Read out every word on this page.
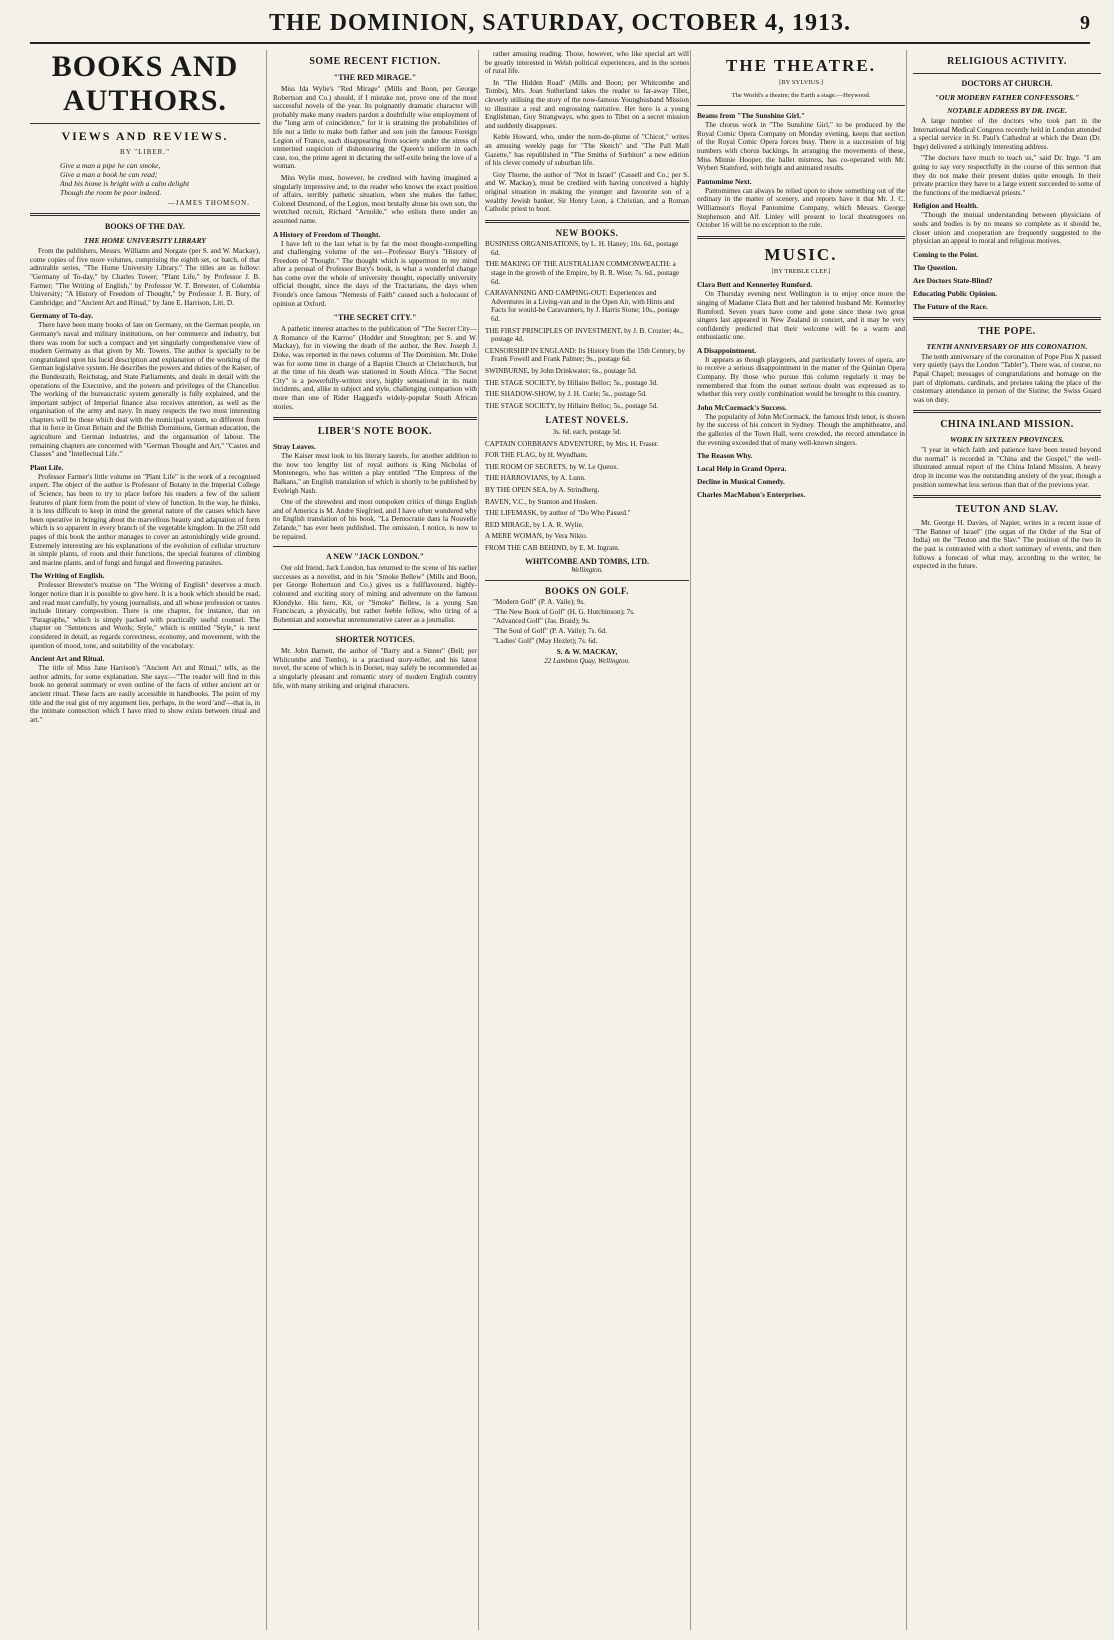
THE DOMINION, SATURDAY, OCTOBER 4, 1913.	9
BOOKS AND AUTHORS.
VIEWS AND REVIEWS.
BY "LIBER."
Give a man a pipe he can smoke,
Give a man a book he can read;
And his home is bright with a calm delight
Though the room be poor indeed.
—JAMES THOMSON.
BOOKS OF THE DAY.
THE HOME UNIVERSITY LIBRARY

From the publishers, Messrs. Williams and Norgate (per S. and W. Mackay), come copies of five more volumes, comprising the eighth set, or batch, of that admirable series, "The Home University Library." The titles are as follow: "Germany of To-day," by Charles Tower; "Plant Life," by Professor J. B. Farmer; "The Writing of English," by Professor W. T. Brewster, of Columbia University; "A History of Freedom of Thought," by Professor J. B. Bury, of Cambridge; and "Ancient Art and Ritual," by Jane E. Harrison, Litt. D.

Germany of To-day.

There have been many books of late on Germany, on the German people, on Germany's naval and military institutions, on her commerce and industry, but there was room for such a compact and yet singularly comprehensive view of modern Germany as that given by Mr. Towers. The author is specially to be congratulated upon his lucid description and explanation of the working of the German legislative system. He describes the powers and duties of the Kaiser, of the Bundesrath, Reichstag, and State Parliaments, and deals in detail with the operations of the Executive, and the powers and privileges of the Chancellor. The working of the bureaucratic system generally is fully explained, and the important subject of Imperial finance also receives attention, as well as the organisation of the army and navy. In many respects the two most interesting chapters will be those which deal with the municipal system, so different from that in force in Great Britain and the British Dominions, German education, the agriculture and German industries, and the organisation of labour. The remaining chapters are concerned with "German Thought and Art," "Castes and Classes" and "Intellectual Life."

Plant Life.

Professor Farmer's little volume on "Plant Life" is the work of a recognised expert. The object of the author is Professor of Botany in the Imperial College of Science, has been to try to place before his readers a few of the salient features of plant form from the point of view of function. In the way, he thinks, it is less difficult to keep in mind the general nature of the causes which have been operative in bringing about the marvellous beauty and adaptation of form which is so apparent in every branch of the vegetable kingdom. In the 250 odd pages of this book the author manages to cover an astonishingly wide ground. Extremely interesting are his explanations of the evolution of cellular structure in simple plants, of roots and their functions, the special features of climbing and marine plants, and of fungi and fungal and flowering parasites.

The Writing of English.

Professor Brewster's treatise on "The Writing of English" deserves a much longer notice than it is possible to give here. It is a book which should be read, and read most carefully, by young journalists, and all whose profession or tastes include literary composition. There is one chapter, for instance, that on "Paragraphs," which is simply packed with practically useful counsel. The chapter on "Sentences and Words; Style," which is entitled "Style," is next considered in detail, as regards correctness, economy, and movement, with the question of mood, tone, and suitability of the vocabulary.

Ancient Art and Ritual.

The title of Miss Jane Harrison's "Ancient Art and Ritual," tells, as the author admits, for some explanation. She says:—"The reader will find in this book no general summary or even outline of the facts of either ancient art or ancient ritual. These facts are easily accessible in handbooks. The point of my title and the real gist of my argument lies, perhaps, in the word 'and'—that is, in the intimate connection which I have tried to show exists between ritual and art."

SOME RECENT FICTION.
"THE RED MIRAGE."

Miss Ida Wylie's "Red Mirage" (Mills and Boon, per George Robertson and Co.) should, if I mistake not, prove one of the most successful novels of the year. Its poignantly dramatic character will probably make many readers pardon a doubtfully wise employment of the "long arm of coincidence," for it is straining the probabilities of life not a little to make both father and son join the famous Foreign Legion of France, each disappearing from society under the stress of unmerited suspicion of dishonouring the Queen's uniform in each case, too, the prime agent in dictating the self-exile being the love of a woman.

Miss Wylie must, however, be credited with having imagined a singularly impressive and, to the reader who knows the exact position of affairs, terribly pathetic situation, when she makes the father, Colonel Desmond, of the Legion, most brutally abuse his own son, the wretched recruit, Richard "Arnolde," who enlists there under an assumed name.

A History of Freedom of Thought.

I have left to the last what is by far the most thought-compelling and challenging volume of the set—Professor Bury's "History of Freedom of Thought." The thought which is uppermost in my mind after a perusal of Professor Bury's book, is what a wonderful change has come over the whole of university thought, especially university official thought, since the days of the Tractarians, the days when Froude's once famous "Nemesis of Faith" caused such a holocaust of opinion at Oxford.

"THE SECRET CITY."

A pathetic interest attaches to the publication of "The Secret City—A Romance of the Karroo" (Hodder and Stoughton; per S. and W. Mackay), for in viewing the death of the author, the Rev. Joseph J. Doke, was reported in the news columns of The Dominion. Mr. Doke was for some time in charge of a Baptist Church at Christchurch, but at the time of his death was stationed in South Africa. "The Secret City" is a powerfully-written story, highly sensational in its main incidents, and, alike in subject and style, challenging comparison with more than one of Rider Haggard's widely-popular South African stories.

LIBER'S NOTE BOOK.
Stray Leaves.

The Kaiser must look to his literary laurels, for another addition to the now too lengthy list of royal authors is King Nicholas of Montenegro, who has written a play entitled "The Empress of the Balkans," an English translation of which is shortly to be published by Eveleigh Nash.

One of the shrewdest and most outspoken critics of things English and of America is M. Andre Siegfried, and I have often wondered why no English translation of his book, "La Democratie dans la Nouvelle Zelande," has ever been published. The omission, I notice, is now to be repaired.

A NEW "JACK LONDON."

Our old friend, Jack London, has returned to the scene of his earlier successes as a novelist, and in his "Smoke Bellew" (Mills and Boon, per George Robertson and Co.) gives us a fullflavoured, highly-coloured and exciting story of mining and adventure on the famous Klondyke. His hero, Kit, or "Smoke" Bellew, is a young San Franciscan, a physically, but rather feeble fellow, who tiring of a Bohemian and somewhat unremunerative career as a journalist.

SHORTER NOTICES.

Mr. John Barnett, the author of "Barry and a Sinner" (Bell; per Whitcombe and Tombs), is a practised story-teller, and his latest novel, the scene of which is in Dorset, may safely be recommended as a singularly pleasant and romantic story of modern English country life, with many striking and original characters.

rather amusing reading. Those, however, who like special art will be greatly interested in Welsh political experiences, and in the scenes of rural life.

In "The Hidden Road" (Mills and Boon; per Whitcombe and Tombs), Mrs. Joan Sutherland takes the reader to far-away Tibet, cleverly utilising the story of the now-famous Younghusband Mission to illustrate a real and engrossing narrative. Her hero is a young Englishman, Guy Strangways, who goes to Tibet on a secret mission and suddenly disappears.

Keble Howard, who, under the nom-de-plume of "Chicot," writes an amusing weekly page for "The Sketch" and "The Pall Mall Gazette," has republished in "The Smiths of Surbiton" a new edition of his clever comedy of suburban life.

Guy Thorne, the author of "Not in Israel" (Cassell and Co.; per S. and W. Mackay), must be credited with having conceived a highly original situation in making the younger and favourite son of a wealthy Jewish banker, Sir Henry Leon, a Christian, and a Roman Catholic priest to boot.

NEW BOOKS.
BUSINESS ORGANISATIONS, by L. H. Haney; 10s. 6d., postage 6d.
THE MAKING OF THE AUSTRALIAN COMMONWEALTH: a stage in the growth of the Empire, by B. R. Wise; 7s. 6d., postage 6d.
CARAVANNING AND CAMPING-OUT: Experiences and Adventures in a Living-van and in the Open Air, with Hints and Facts for would-be Caravanners, by J. Harris Stone; 10s., postage 6d.
THE FIRST PRINCIPLES OF INVESTMENT, by J. B. Crozier; 4s., postage 4d.
CENSORSHIP IN ENGLAND: Its History from the 15th Century, by Frank Fowell and Frank Palmer; 9s., postage 6d.
SWINBURNE, by John Drinkwater; 6s., postage 5d.
THE STAGE SOCIETY, by Hillaire Belloc; 5s., postage 3d.
THE SHADOW-SHOW, by J. H. Curle; 5s., postage 5d.
THE STAGE SOCIETY, by Hillaire Belloc; 5s., postage 5d.
LATEST NOVELS.
3s. 6d. each, postage 5d.
CAPTAIN CORBRAN'S ADVENTURE, by Mrs. H. Fraser.
FOR THE FLAG, by H. Wyndham.
THE ROOM OF SECRETS, by W. Le Queux.
THE HARROVIANS, by A. Lunn.
BY THE OPEN SEA, by A. Strindberg.
RAVEN, V.C., by Stanton and Hosken.
THE LIFEMASK, by author of "Do Who Passed."
RED MIRAGE, by I. A. R. Wylie.
A MERE WOMAN, by Vera Nikto.
FROM THE CAB BEHIND, by E. M. Ingram.
WHITCOMBE AND TOMBS, LTD.
Wellington.
BOOKS ON GOLF.
"Modern Golf" (P. A. Vaile); 9s.
"The New Book of Golf" (H. G. Hutchinson); 7s.
"Advanced Golf" (Jas. Braid); 9s.
"The Soul of Golf" (P. A. Vaile); 7s. 6d.
"Ladies' Golf" (May Hezlet); 7s. 6d.
S. & W. MACKAY,
22 Lambton Quay, Wellington.
THE THEATRE.
[BY SYLVIUS.]
The World's a theatre; the Earth a stage.—Heywood.
Beams from "The Sunshine Girl."

The chorus work in "The Sunshine Girl," to be produced by the Royal Comic Opera Company on Monday evening, keeps that section of the Royal Comic Opera forces busy. There is a succession of big numbers with chorus backings. In arranging the movements of these, Miss Minnie Hooper, the ballet mistress, has co-operated with Mr. Wybert Stamford, with bright and animated results.

Pantomime Next.

Pantomimes can always be relied upon to show something out of the ordinary in the matter of scenery, and reports have it that Mr. J. C. Williamson's Royal Pantomime Company, which Messrs. George Stephenson and Alf. Linley will present to local theatregoers on October 16 will be no exception to the rule.

MUSIC.
[BY TREBLE CLEF.]
Clara Butt and Kennerley Rumford.

On Thursday evening next Wellington is to enjoy once more the singing of Madame Clara Butt and her talented husband Mr. Kennerley Rumford. Seven years have come and gone since these two great singers last appeared in New Zealand in concert, and it may be very confidently predicted that their welcome will be a warm and enthusiastic one.

A Disappointment.

It appears as though playgoers, and particularly lovers of opera, are to receive a serious disappointment in the matter of the Quinlan Opera Company. By those who pursue this column regularly it may be remembered that from the outset serious doubt was expressed as to whether this very costly combination would be brought to this country.

John McCormack's Success.

The popularity of John McCormack, the famous Irish tenor, is shown by the success of his concert in Sydney. Though the amphitheatre, and the galleries of the Town Hall, were crowded, the record attendance in the evening exceeded that of many well-known singers.

The Reason Why.
Local Help in Grand Opera.
Decline in Musical Comedy.
Charles MacMahon's Enterprises.
RELIGIOUS ACTIVITY.
DOCTORS AT CHURCH.
"OUR MODERN FATHER CONFESSORS."
NOTABLE ADDRESS BY DR. INGE.

A large number of the doctors who took part in the International Medical Congress recently held in London attended a special service in St. Paul's Cathedral at which the Dean (Dr. Inge) delivered a strikingly interesting address.

"The doctors have much to teach us," said Dr. Inge. "I am going to say very respectfully in the course of this sermon that they do not make their present duties quite enough. In their private practice they have to a large extent succeeded to some of the functions of the mediaeval priests."

Religion and Health.

"Though the mutual understanding between physicians of souls and bodies is by no means so complete as it should be, closer union and cooperation are frequently suggested to the physician an appeal to moral and religious motives.

Coming to the Point.
The Question.
Are Doctors State-Blind?
Educating Public Opinion.
The Future of the Race.
THE POPE.
TENTH ANNIVERSARY OF HIS CORONATION.

The tenth anniversary of the coronation of Pope Pius X passed very quietly (says the London "Tablet"). There was, of course, no Papal Chapel; messages of congratulations and homage on the part of diplomats, cardinals, and prelates taking the place of the customary attendance in person of the Sistine; the Swiss Guard was on duty.

CHINA INLAND MISSION.
WORK IN SIXTEEN PROVINCES.

"I year in which faith and patience have been tested beyond the normal" is recorded in "China and the Gospel," the well-illustrated annual report of the China Inland Mission. A heavy drop in income was the outstanding anxiety of the year, though a position somewhat less serious than that of the previous year.

TEUTON AND SLAV.

Mr. George H. Davies, of Napier, writes in a recent issue of "The Banner of Israel" (the organ of the Order of the Star of India) on the "Teuton and the Slav." The position of the two in the past is contrasted with a short summary of events, and then follows a forecast of what may, according to the writer, be expected in the future.
